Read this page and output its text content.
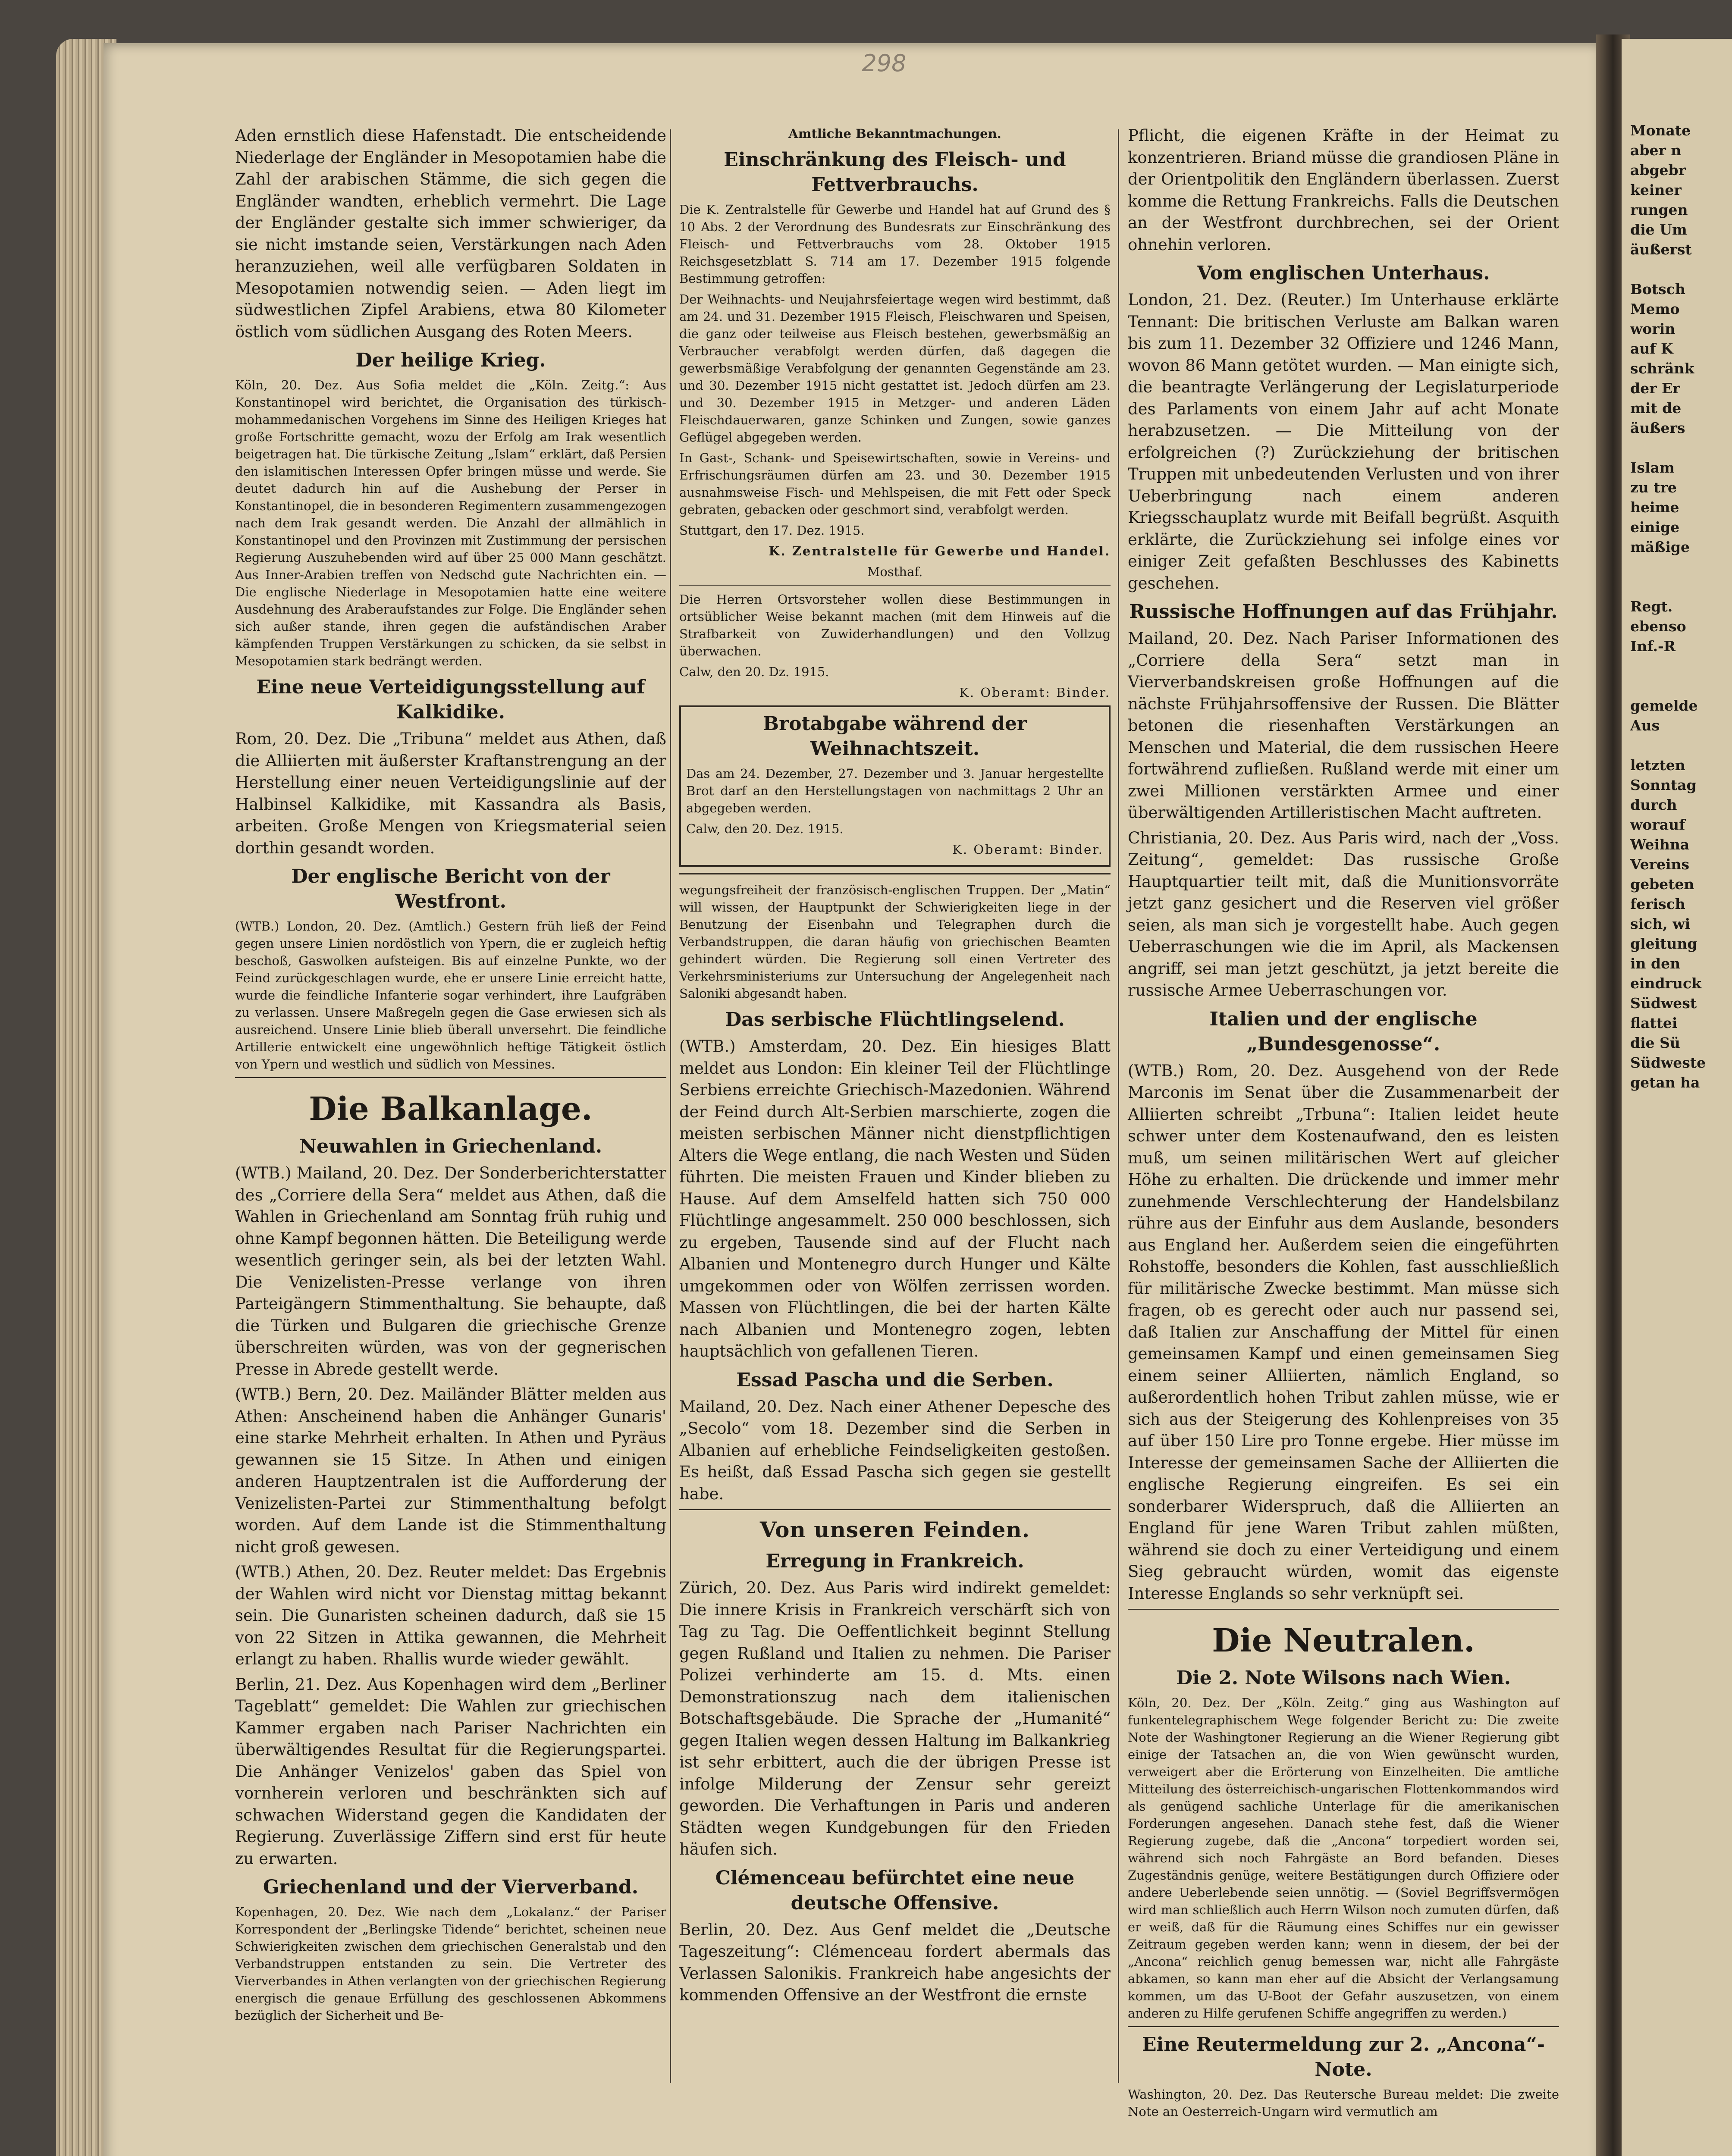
Monate
aber n
abgebr
keiner
rungen
die Um
äußerst

Botsch
Memo
worin
auf K
schränk
der Er
mit de
äußers

Islam
zu tre
heime
einige
mäßige

Regt.
ebenso
Inf.-R

gemelde
Aus

letzten
Sonntag
durch
worauf
Weihna
Vereins
gebeten
ferisch
sich, wi
gleitung
in den
eindruck
Südwest
flattei
die Sü
Südweste
getan ha
298

Aden ernstlich diese Hafenstadt. Die entscheidende Niederlage der Engländer in Mesopotamien habe die Zahl der arabischen Stämme, die sich gegen die Engländer wandten, erheblich vermehrt. Die Lage der Engländer gestalte sich immer schwieriger, da sie nicht imstande seien, Verstärkungen nach Aden heranzuziehen, weil alle verfügbaren Soldaten in Mesopotamien notwendig seien. — Aden liegt im südwestlichen Zipfel Arabiens, etwa 80 Kilometer östlich vom südlichen Ausgang des Roten Meers.

Der heilige Krieg.

Köln, 20. Dez. Aus Sofia meldet die „Köln. Zeitg.“: Aus Konstantinopel wird berichtet, die Organisation des türkisch-mohammedanischen Vorgehens im Sinne des Heiligen Krieges hat große Fortschritte gemacht, wozu der Erfolg am Irak wesentlich beigetragen hat. Die türkische Zeitung „Islam“ erklärt, daß Persien den islamitischen Interessen Opfer bringen müsse und werde. Sie deutet dadurch hin auf die Aushebung der Perser in Konstantinopel, die in besonderen Regimentern zusammengezogen nach dem Irak gesandt werden. Die Anzahl der allmählich in Konstantinopel und den Provinzen mit Zustimmung der persischen Regierung Auszuhebenden wird auf über 25 000 Mann geschätzt. Aus Inner-Arabien treffen von Nedschd gute Nachrichten ein. — Die englische Niederlage in Mesopotamien hatte eine weitere Ausdehnung des Araberaufstandes zur Folge. Die Engländer sehen sich außer stande, ihren gegen die aufständischen Araber kämpfenden Truppen Verstärkungen zu schicken, da sie selbst in Mesopotamien stark bedrängt werden.

Eine neue Verteidigungsstellung auf Kalkidike.

Rom, 20. Dez. Die „Tribuna“ meldet aus Athen, daß die Alliierten mit äußerster Kraftanstrengung an der Herstellung einer neuen Verteidigungslinie auf der Halbinsel Kalkidike, mit Kassandra als Basis, arbeiten. Große Mengen von Kriegsmaterial seien dorthin gesandt worden.

Der englische Bericht von der Westfront.

(WTB.) London, 20. Dez. (Amtlich.) Gestern früh ließ der Feind gegen unsere Linien nordöstlich von Ypern, die er zugleich heftig beschoß, Gaswolken aufsteigen. Bis auf einzelne Punkte, wo der Feind zurückgeschlagen wurde, ehe er unsere Linie erreicht hatte, wurde die feindliche Infanterie sogar verhindert, ihre Laufgräben zu verlassen. Unsere Maßregeln gegen die Gase erwiesen sich als ausreichend. Unsere Linie blieb überall unversehrt. Die feindliche Artillerie entwickelt eine ungewöhnlich heftige Tätigkeit östlich von Ypern und westlich und südlich von Messines.

Die Balkanlage.
Neuwahlen in Griechenland.

(WTB.) Mailand, 20. Dez. Der Sonderberichterstatter des „Corriere della Sera“ meldet aus Athen, daß die Wahlen in Griechenland am Sonntag früh ruhig und ohne Kampf begonnen hätten. Die Beteiligung werde wesentlich geringer sein, als bei der letzten Wahl. Die Venizelisten-Presse verlange von ihren Parteigängern Stimmenthaltung. Sie behaupte, daß die Türken und Bulgaren die griechische Grenze überschreiten würden, was von der gegnerischen Presse in Abrede gestellt werde.

(WTB.) Bern, 20. Dez. Mailänder Blätter melden aus Athen: Anscheinend haben die Anhänger Gunaris' eine starke Mehrheit erhalten. In Athen und Pyräus gewannen sie 15 Sitze. In Athen und einigen anderen Hauptzentralen ist die Aufforderung der Venizelisten-Partei zur Stimmenthaltung befolgt worden. Auf dem Lande ist die Stimmenthaltung nicht groß gewesen.

(WTB.) Athen, 20. Dez. Reuter meldet: Das Ergebnis der Wahlen wird nicht vor Dienstag mittag bekannt sein. Die Gunaristen scheinen dadurch, daß sie 15 von 22 Sitzen in Attika gewannen, die Mehrheit erlangt zu haben. Rhallis wurde wieder gewählt.

Berlin, 21. Dez. Aus Kopenhagen wird dem „Berliner Tageblatt“ gemeldet: Die Wahlen zur griechischen Kammer ergaben nach Pariser Nachrichten ein überwältigendes Resultat für die Regierungspartei. Die Anhänger Venizelos' gaben das Spiel von vornherein verloren und beschränkten sich auf schwachen Widerstand gegen die Kandidaten der Regierung. Zuverlässige Ziffern sind erst für heute zu erwarten.

Griechenland und der Vierverband.

Kopenhagen, 20. Dez. Wie nach dem „Lokalanz.“ der Pariser Korrespondent der „Berlingske Tidende“ berichtet, scheinen neue Schwierigkeiten zwischen dem griechischen Generalstab und den Verbandstruppen entstanden zu sein. Die Vertreter des Vierverbandes in Athen verlangten von der griechischen Regierung energisch die genaue Erfüllung des geschlossenen Abkommens bezüglich der Sicherheit und Be-

Amtliche Bekanntmachungen.
Einschränkung des Fleisch- und Fettverbrauchs.

Die K. Zentralstelle für Gewerbe und Handel hat auf Grund des § 10 Abs. 2 der Verordnung des Bundesrats zur Einschränkung des Fleisch- und Fettverbrauchs vom 28. Oktober 1915 Reichsgesetzblatt S. 714 am 17. Dezember 1915 folgende Bestimmung getroffen:

Der Weihnachts- und Neujahrsfeiertage wegen wird bestimmt, daß am 24. und 31. Dezember 1915 Fleisch, Fleischwaren und Speisen, die ganz oder teilweise aus Fleisch bestehen, gewerbsmäßig an Verbraucher verabfolgt werden dürfen, daß dagegen die gewerbsmäßige Verabfolgung der genannten Gegenstände am 23. und 30. Dezember 1915 nicht gestattet ist. Jedoch dürfen am 23. und 30. Dezember 1915 in Metzger- und anderen Läden Fleischdauerwaren, ganze Schinken und Zungen, sowie ganzes Geflügel abgegeben werden.

In Gast-, Schank- und Speisewirtschaften, sowie in Vereins- und Erfrischungsräumen dürfen am 23. und 30. Dezember 1915 ausnahmsweise Fisch- und Mehlspeisen, die mit Fett oder Speck gebraten, gebacken oder geschmort sind, verabfolgt werden.

Stuttgart, den 17. Dez. 1915.

K. Zentralstelle für Gewerbe und Handel.

Mosthaf.

Die Herren Ortsvorsteher wollen diese Bestimmungen in ortsüblicher Weise bekannt machen (mit dem Hinweis auf die Strafbarkeit von Zuwiderhandlungen) und den Vollzug überwachen.

Calw, den 20. Dz. 1915.

K. Oberamt: Binder.

Brotabgabe während der Weihnachtszeit.

Das am 24. Dezember, 27. Dezember und 3. Januar hergestellte Brot darf an den Herstellungstagen von nachmittags 2 Uhr an abgegeben werden.

Calw, den 20. Dez. 1915.

K. Oberamt: Binder.

wegungsfreiheit der französisch-englischen Truppen. Der „Matin“ will wissen, der Hauptpunkt der Schwierigkeiten liege in der Benutzung der Eisenbahn und Telegraphen durch die Verbandstruppen, die daran häufig von griechischen Beamten gehindert würden. Die Regierung soll einen Vertreter des Verkehrsministeriums zur Untersuchung der Angelegenheit nach Saloniki abgesandt haben.

Das serbische Flüchtlingselend.

(WTB.) Amsterdam, 20. Dez. Ein hiesiges Blatt meldet aus London: Ein kleiner Teil der Flüchtlinge Serbiens erreichte Griechisch-Mazedonien. Während der Feind durch Alt-Serbien marschierte, zogen die meisten serbischen Männer nicht dienstpflichtigen Alters die Wege entlang, die nach Westen und Süden führten. Die meisten Frauen und Kinder blieben zu Hause. Auf dem Amselfeld hatten sich 750 000 Flüchtlinge angesammelt. 250 000 beschlossen, sich zu ergeben, Tausende sind auf der Flucht nach Albanien und Montenegro durch Hunger und Kälte umgekommen oder von Wölfen zerrissen worden. Massen von Flüchtlingen, die bei der harten Kälte nach Albanien und Montenegro zogen, lebten hauptsächlich von gefallenen Tieren.

Essad Pascha und die Serben.

Mailand, 20. Dez. Nach einer Athener Depesche des „Secolo“ vom 18. Dezember sind die Serben in Albanien auf erhebliche Feindseligkeiten gestoßen. Es heißt, daß Essad Pascha sich gegen sie gestellt habe.

Von unseren Feinden.
Erregung in Frankreich.

Zürich, 20. Dez. Aus Paris wird indirekt gemeldet: Die innere Krisis in Frankreich verschärft sich von Tag zu Tag. Die Oeffentlichkeit beginnt Stellung gegen Rußland und Italien zu nehmen. Die Pariser Polizei verhinderte am 15. d. Mts. einen Demonstrationszug nach dem italienischen Botschaftsgebäude. Die Sprache der „Humanité“ gegen Italien wegen dessen Haltung im Balkankrieg ist sehr erbittert, auch die der übrigen Presse ist infolge Milderung der Zensur sehr gereizt geworden. Die Verhaftungen in Paris und anderen Städten wegen Kundgebungen für den Frieden häufen sich.

Clémenceau befürchtet eine neue deutsche Offensive.

Berlin, 20. Dez. Aus Genf meldet die „Deutsche Tageszeitung“: Clémenceau fordert abermals das Verlassen Salonikis. Frankreich habe angesichts der kommenden Offensive an der Westfront die ernste

Pflicht, die eigenen Kräfte in der Heimat zu konzentrieren. Briand müsse die grandiosen Pläne in der Orientpolitik den Engländern überlassen. Zuerst komme die Rettung Frankreichs. Falls die Deutschen an der Westfront durchbrechen, sei der Orient ohnehin verloren.

Vom englischen Unterhaus.

London, 21. Dez. (Reuter.) Im Unterhause erklärte Tennant: Die britischen Verluste am Balkan waren bis zum 11. Dezember 32 Offiziere und 1246 Mann, wovon 86 Mann getötet wurden. — Man einigte sich, die beantragte Verlängerung der Legislaturperiode des Parlaments von einem Jahr auf acht Monate herabzusetzen. — Die Mitteilung von der erfolgreichen (?) Zurückziehung der britischen Truppen mit unbedeutenden Verlusten und von ihrer Ueberbringung nach einem anderen Kriegsschauplatz wurde mit Beifall begrüßt. Asquith erklärte, die Zurückziehung sei infolge eines vor einiger Zeit gefaßten Beschlusses des Kabinetts geschehen.

Russische Hoffnungen auf das Frühjahr.

Mailand, 20. Dez. Nach Pariser Informationen des „Corriere della Sera“ setzt man in Vierverbandskreisen große Hoffnungen auf die nächste Frühjahrsoffensive der Russen. Die Blätter betonen die riesenhaften Verstärkungen an Menschen und Material, die dem russischen Heere fortwährend zufließen. Rußland werde mit einer um zwei Millionen verstärkten Armee und einer überwältigenden Artilleristischen Macht auftreten.

Christiania, 20. Dez. Aus Paris wird, nach der „Voss. Zeitung“, gemeldet: Das russische Große Hauptquartier teilt mit, daß die Munitionsvorräte jetzt ganz gesichert und die Reserven viel größer seien, als man sich je vorgestellt habe. Auch gegen Ueberraschungen wie die im April, als Mackensen angriff, sei man jetzt geschützt, ja jetzt bereite die russische Armee Ueberraschungen vor.

Italien und der englische „Bundesgenosse“.

(WTB.) Rom, 20. Dez. Ausgehend von der Rede Marconis im Senat über die Zusammenarbeit der Alliierten schreibt „Trbuna“: Italien leidet heute schwer unter dem Kostenaufwand, den es leisten muß, um seinen militärischen Wert auf gleicher Höhe zu erhalten. Die drückende und immer mehr zunehmende Verschlechterung der Handelsbilanz rühre aus der Einfuhr aus dem Auslande, besonders aus England her. Außerdem seien die eingeführten Rohstoffe, besonders die Kohlen, fast ausschließlich für militärische Zwecke bestimmt. Man müsse sich fragen, ob es gerecht oder auch nur passend sei, daß Italien zur Anschaffung der Mittel für einen gemeinsamen Kampf und einen gemeinsamen Sieg einem seiner Alliierten, nämlich England, so außerordentlich hohen Tribut zahlen müsse, wie er sich aus der Steigerung des Kohlenpreises von 35 auf über 150 Lire pro Tonne ergebe. Hier müsse im Interesse der gemeinsamen Sache der Alliierten die englische Regierung eingreifen. Es sei ein sonderbarer Widerspruch, daß die Alliierten an England für jene Waren Tribut zahlen müßten, während sie doch zu einer Verteidigung und einem Sieg gebraucht würden, womit das eigenste Interesse Englands so sehr verknüpft sei.

Die Neutralen.
Die 2. Note Wilsons nach Wien.

Köln, 20. Dez. Der „Köln. Zeitg.“ ging aus Washington auf funkentelegraphischem Wege folgender Bericht zu: Die zweite Note der Washingtoner Regierung an die Wiener Regierung gibt einige der Tatsachen an, die von Wien gewünscht wurden, verweigert aber die Erörterung von Einzelheiten. Die amtliche Mitteilung des österreichisch-ungarischen Flottenkommandos wird als genügend sachliche Unterlage für die amerikanischen Forderungen angesehen. Danach stehe fest, daß die Wiener Regierung zugebe, daß die „Ancona“ torpediert worden sei, während sich noch Fahrgäste an Bord befanden. Dieses Zugeständnis genüge, weitere Bestätigungen durch Offiziere oder andere Ueberlebende seien unnötig. — (Soviel Begriffsvermögen wird man schließlich auch Herrn Wilson noch zumuten dürfen, daß er weiß, daß für die Räumung eines Schiffes nur ein gewisser Zeitraum gegeben werden kann; wenn in diesem, der bei der „Ancona“ reichlich genug bemessen war, nicht alle Fahrgäste abkamen, so kann man eher auf die Absicht der Verlangsamung kommen, um das U-Boot der Gefahr auszusetzen, von einem anderen zu Hilfe gerufenen Schiffe angegriffen zu werden.)

Eine Reutermeldung zur 2. „Ancona“-Note.

Washington, 20. Dez. Das Reutersche Bureau meldet: Die zweite Note an Oesterreich-Ungarn wird vermutlich am
